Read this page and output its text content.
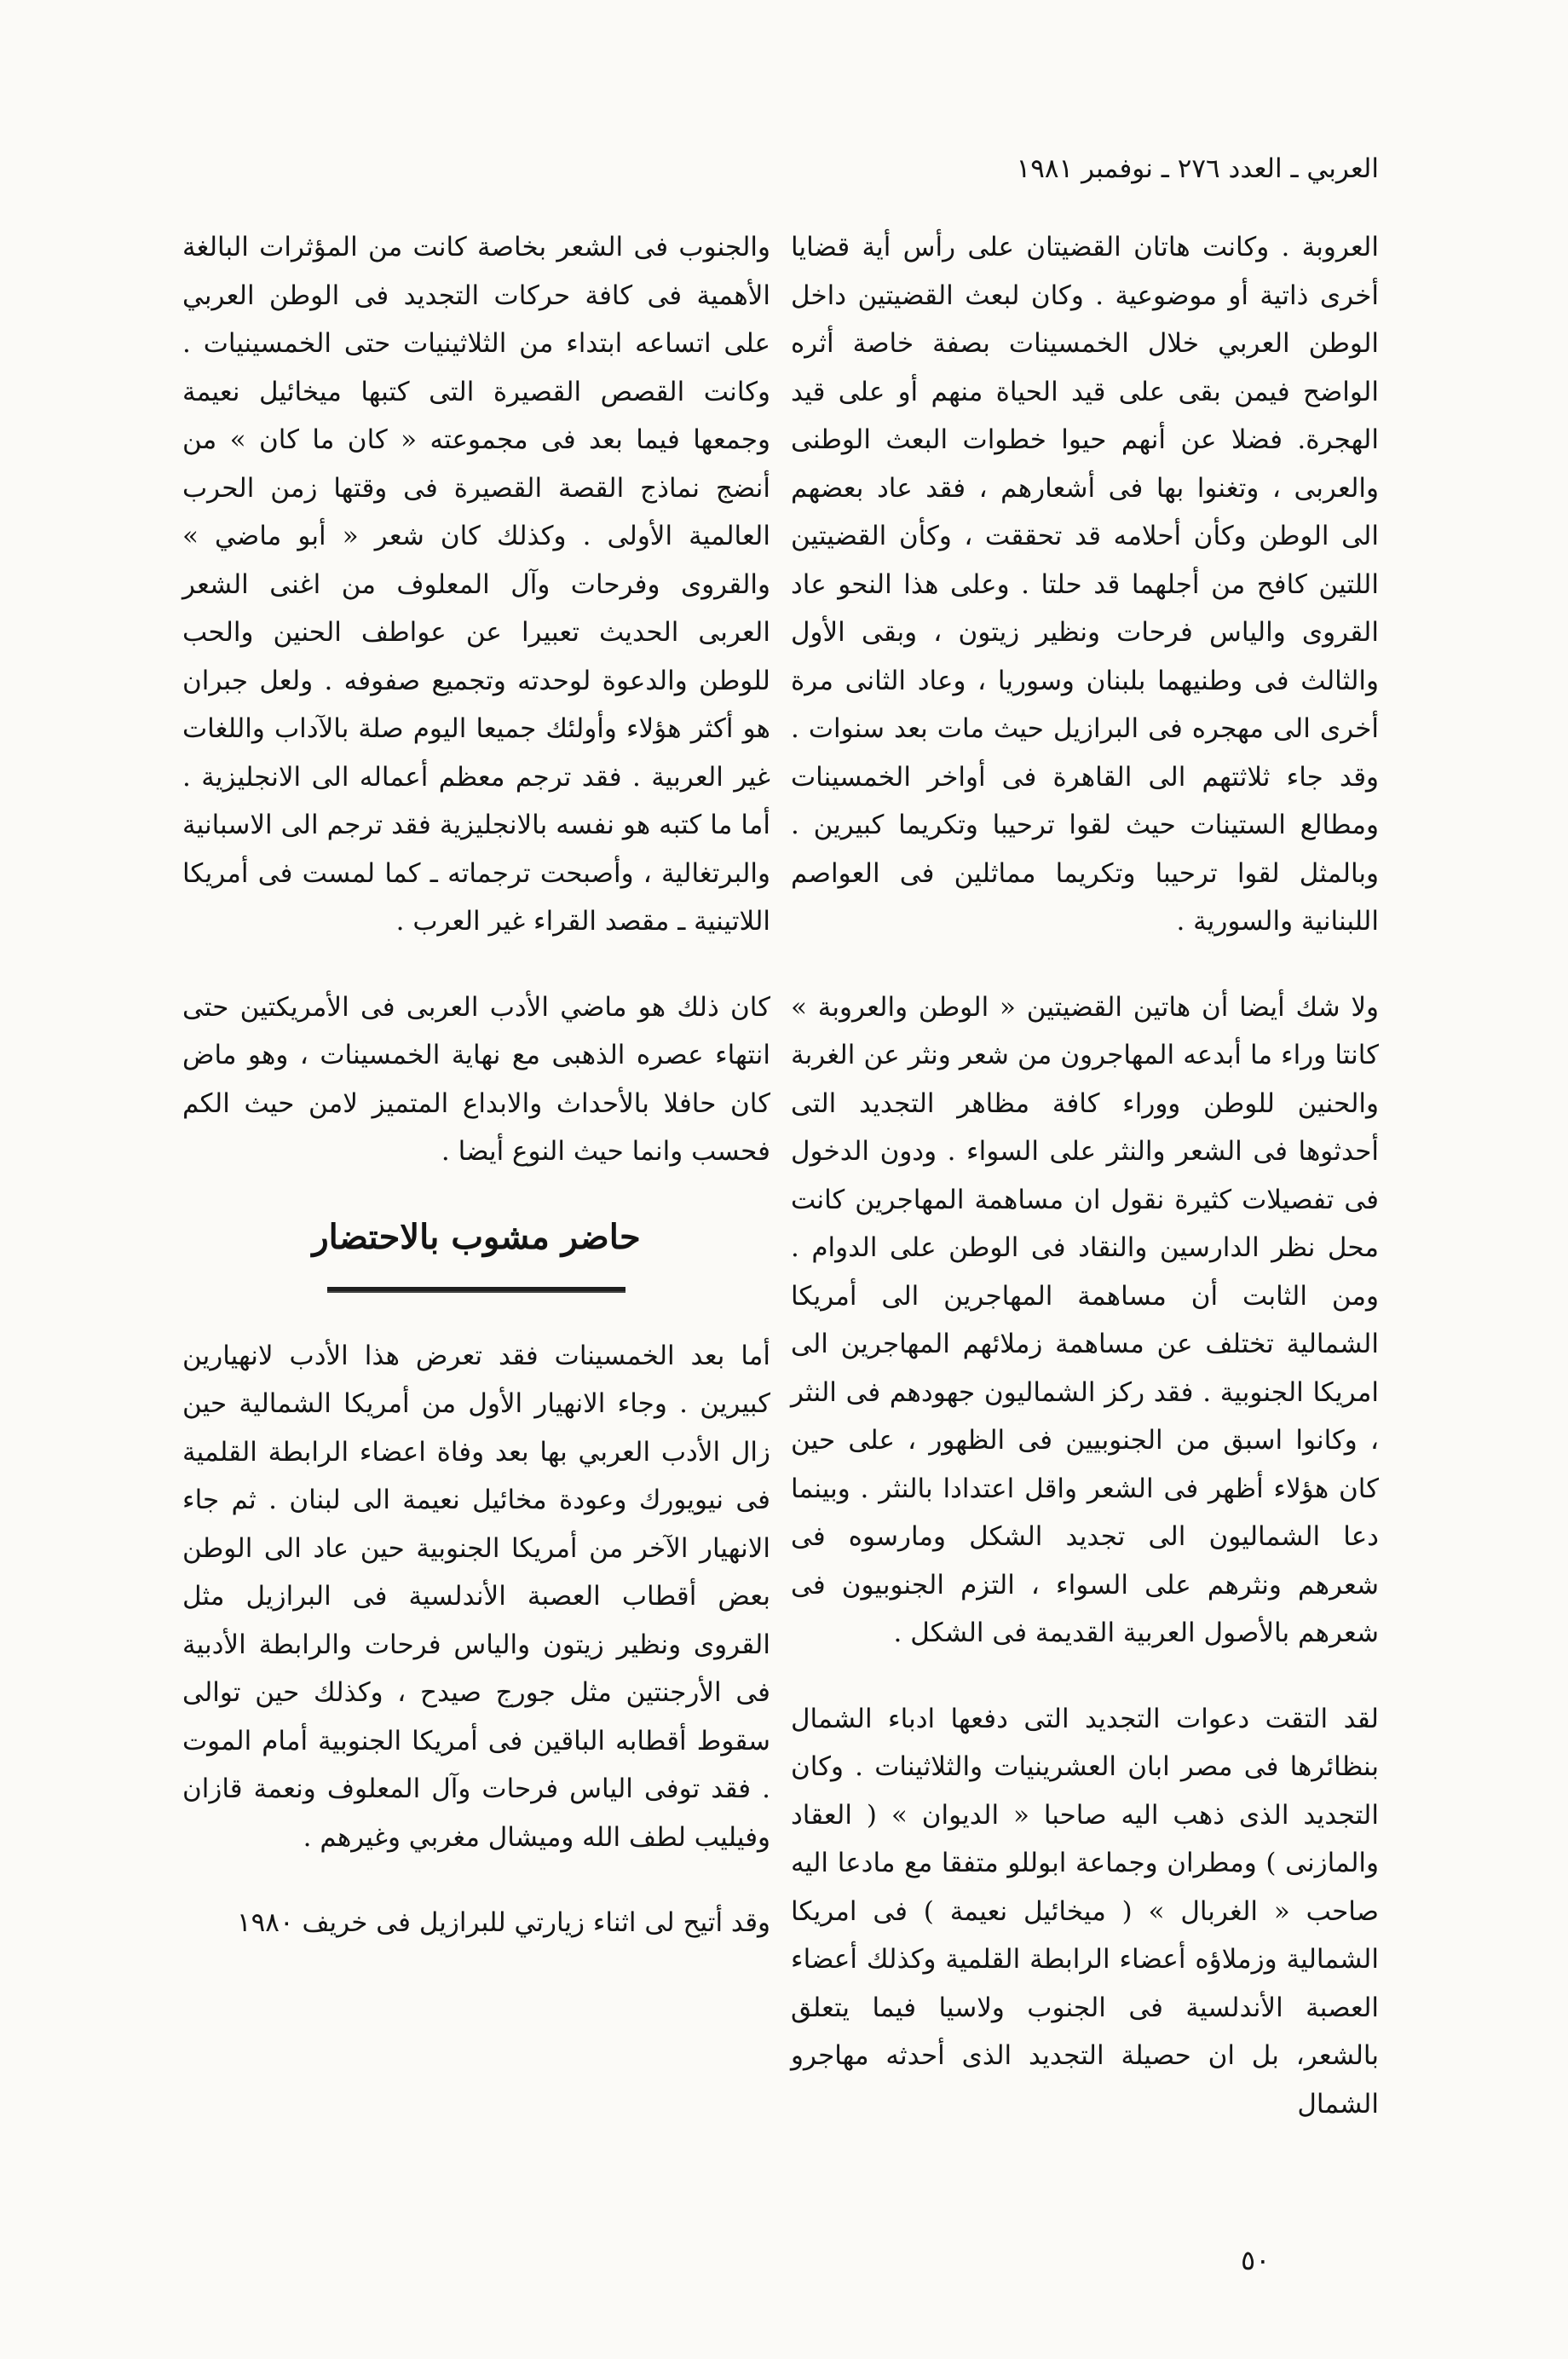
العربي ـ العدد ٢٧٦ ـ نوفمبر ١٩٨١

العروبة . وكانت هاتان القضيتان على رأس أية قضايا أخرى ذاتية أو موضوعية . وكان لبعث القضيتين داخل الوطن العربي خلال الخمسينات بصفة خاصة أثره الواضح فيمن بقى على قيد الحياة منهم أو على قيد الهجرة. فضلا عن أنهم حيوا خطوات البعث الوطنى والعربى ، وتغنوا بها فى أشعارهم ، فقد عاد بعضهم الى الوطن وكأن أحلامه قد تحققت ، وكأن القضيتين اللتين كافح من أجلهما قد حلتا . وعلى هذا النحو عاد القروى والياس فرحات ونظير زيتون ، وبقى الأول والثالث فى وطنيهما بلبنان وسوريا ، وعاد الثانى مرة أخرى الى مهجره فى البرازيل حيث مات بعد سنوات . وقد جاء ثلاثتهم الى القاهرة فى أواخر الخمسينات ومطالع الستينات حيث لقوا ترحيبا وتكريما كبيرين . وبالمثل لقوا ترحيبا وتكريما مماثلين فى العواصم اللبنانية والسورية .

ولا شك أيضا أن هاتين القضيتين « الوطن والعروبة » كانتا وراء ما أبدعه المهاجرون من شعر ونثر عن الغربة والحنين للوطن ووراء كافة مظاهر التجديد التى أحدثوها فى الشعر والنثر على السواء . ودون الدخول فى تفصيلات كثيرة نقول ان مساهمة المهاجرين كانت محل نظر الدارسين والنقاد فى الوطن على الدوام . ومن الثابت أن مساهمة المهاجرين الى أمريكا الشمالية تختلف عن مساهمة زملائهم المهاجرين الى امريكا الجنوبية . فقد ركز الشماليون جهودهم فى النثر ، وكانوا اسبق من الجنوبيين فى الظهور ، على حين كان هؤلاء أظهر فى الشعر واقل اعتدادا بالنثر . وبينما دعا الشماليون الى تجديد الشكل ومارسوه فى شعرهم ونثرهم على السواء ، التزم الجنوبيون فى شعرهم بالأصول العربية القديمة فى الشكل .

لقد التقت دعوات التجديد التى دفعها ادباء الشمال بنظائرها فى مصر ابان العشرينيات والثلاثينات . وكان التجديد الذى ذهب اليه صاحبا « الديوان » ( العقاد والمازنى ) ومطران وجماعة ابوللو متفقا مع مادعا اليه صاحب « الغربال » ( ميخائيل نعيمة ) فى امريكا الشمالية وزملاؤه أعضاء الرابطة القلمية وكذلك أعضاء العصبة الأندلسية فى الجنوب ولاسيا فيما يتعلق بالشعر، بل ان حصيلة التجديد الذى أحدثه مهاجرو الشمال

والجنوب فى الشعر بخاصة كانت من المؤثرات البالغة الأهمية فى كافة حركات التجديد فى الوطن العربي على اتساعه ابتداء من الثلاثينيات حتى الخمسينيات . وكانت القصص القصيرة التى كتبها ميخائيل نعيمة وجمعها فيما بعد فى مجموعته « كان ما كان » من أنضج نماذج القصة القصيرة فى وقتها زمن الحرب العالمية الأولى . وكذلك كان شعر « أبو ماضي » والقروى وفرحات وآل المعلوف من اغنى الشعر العربى الحديث تعبيرا عن عواطف الحنين والحب للوطن والدعوة لوحدته وتجميع صفوفه . ولعل جبران هو أكثر هؤلاء وأولئك جميعا اليوم صلة بالآداب واللغات غير العربية . فقد ترجم معظم أعماله الى الانجليزية . أما ما كتبه هو نفسه بالانجليزية فقد ترجم الى الاسبانية والبرتغالية ، وأصبحت ترجماته ـ كما لمست فى أمريكا اللاتينية ـ مقصد القراء غير العرب .

كان ذلك هو ماضي الأدب العربى فى الأمريكتين حتى انتهاء عصره الذهبى مع نهاية الخمسينات ، وهو ماض كان حافلا بالأحداث والابداع المتميز لامن حيث الكم فحسب وانما حيث النوع أيضا .

حاضر مشوب بالاحتضار

أما بعد الخمسينات فقد تعرض هذا الأدب لانهيارين كبيرين . وجاء الانهيار الأول من أمريكا الشمالية حين زال الأدب العربي بها بعد وفاة اعضاء الرابطة القلمية فى نيويورك وعودة مخائيل نعيمة الى لبنان . ثم جاء الانهيار الآخر من أمريكا الجنوبية حين عاد الى الوطن بعض أقطاب العصبة الأندلسية فى البرازيل مثل القروى ونظير زيتون والياس فرحات والرابطة الأدبية فى الأرجنتين مثل جورج صيدح ، وكذلك حين توالى سقوط أقطابه الباقين فى أمريكا الجنوبية أمام الموت . فقد توفى الياس فرحات وآل المعلوف ونعمة قازان وفيليب لطف الله وميشال مغربي وغيرهم .

وقد أتيح لى اثناء زيارتي للبرازيل فى خريف ١٩٨٠

٥٠
